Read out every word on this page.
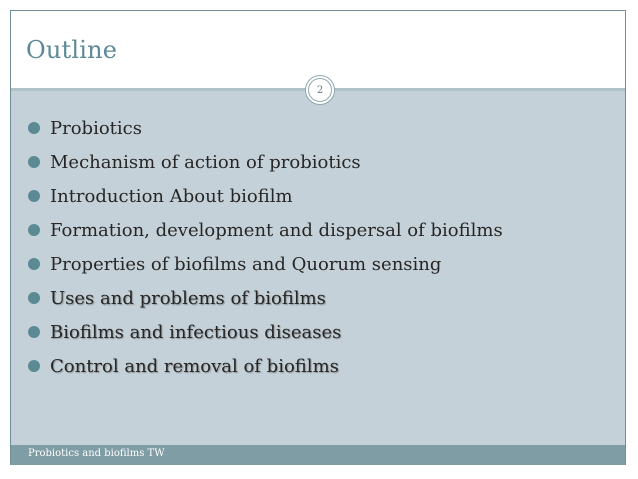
Outline
Probiotics
Mechanism of action of probiotics
Introduction About biofilm
Formation, development and dispersal of biofilms
Properties of biofilms and Quorum sensing
Uses and problems of biofilms
Biofilms and infectious diseases
Control and removal of biofilms
2
Probiotics and biofilms TW
